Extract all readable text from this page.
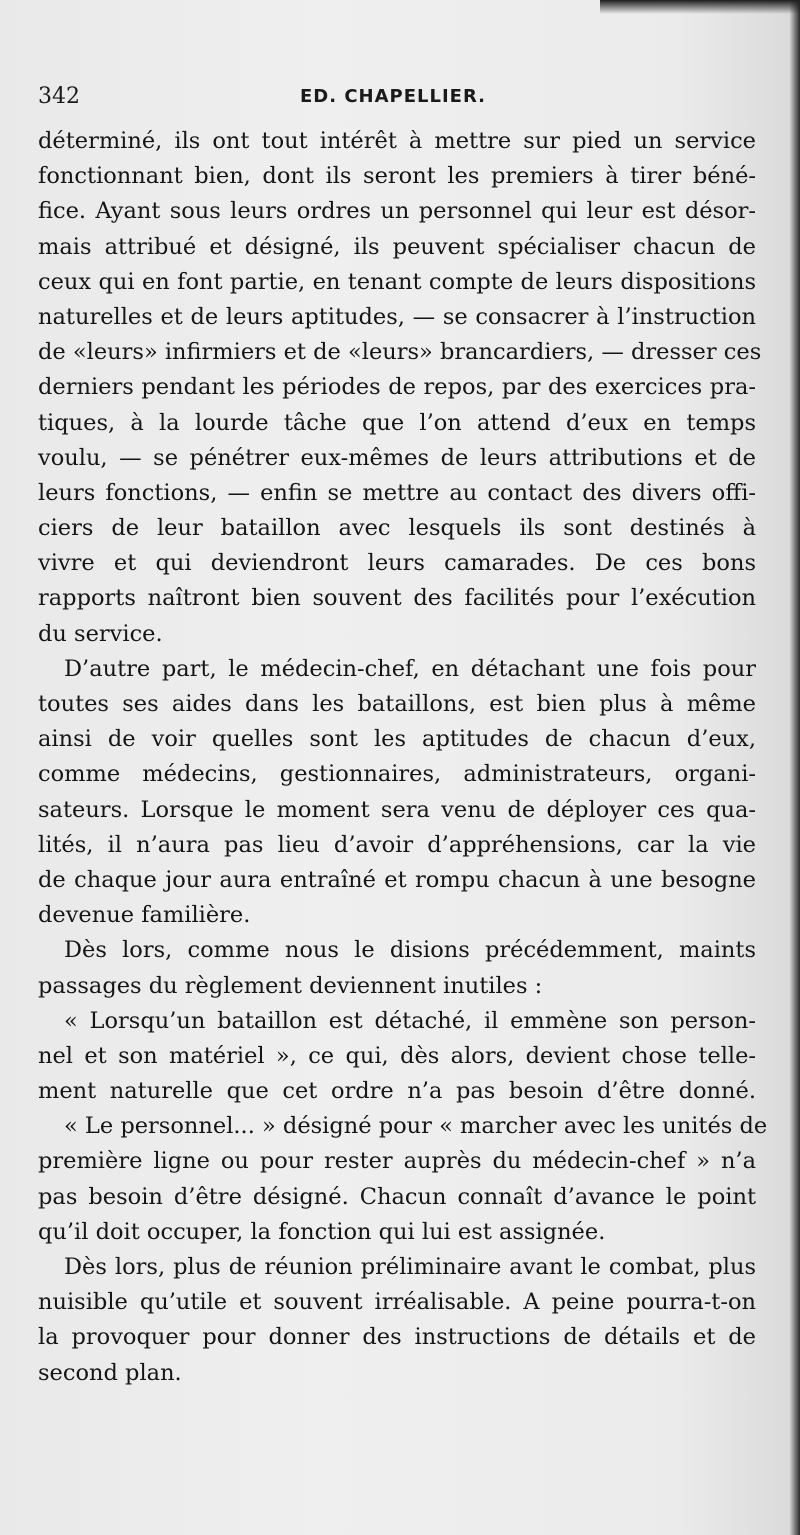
342	ED. CHAPELLIER.

déterminé, ils ont tout intérêt à mettre sur pied un service

fonctionnant bien, dont ils seront les premiers à tirer béné-

fice. Ayant sous leurs ordres un personnel qui leur est désor-

mais attribué et désigné, ils peuvent spécialiser chacun de

ceux qui en font partie, en tenant compte de leurs dispositions

naturelles et de leurs aptitudes, — se consacrer à l’instruction

de «leurs» infirmiers et de «leurs» brancardiers, — dresser ces

derniers pendant les périodes de repos, par des exercices pra-

tiques, à la lourde tâche que l’on attend d’eux en temps

voulu, — se pénétrer eux-mêmes de leurs attributions et de

leurs fonctions, — enfin se mettre au contact des divers offi-

ciers de leur bataillon avec lesquels ils sont destinés à

vivre et qui deviendront leurs camarades. De ces bons

rapports naîtront bien souvent des facilités pour l’exécution

du service.

D’autre part, le médecin-chef, en détachant une fois pour

toutes ses aides dans les bataillons, est bien plus à même

ainsi de voir quelles sont les aptitudes de chacun d’eux,

comme médecins, gestionnaires, administrateurs, organi-

sateurs. Lorsque le moment sera venu de déployer ces qua-

lités, il n’aura pas lieu d’avoir d’appréhensions, car la vie

de chaque jour aura entraîné et rompu chacun à une besogne

devenue familière.

Dès lors, comme nous le disions précédemment, maints

passages du règlement deviennent inutiles :

« Lorsqu’un bataillon est détaché, il emmène son person-

nel et son matériel », ce qui, dès alors, devient chose telle-

ment naturelle que cet ordre n’a pas besoin d’être donné.

« Le personnel... » désigné pour « marcher avec les unités de

première ligne ou pour rester auprès du médecin-chef » n’a

pas besoin d’être désigné. Chacun connaît d’avance le point

qu’il doit occuper, la fonction qui lui est assignée.

Dès lors, plus de réunion préliminaire avant le combat, plus

nuisible qu’utile et souvent irréalisable. A peine pourra-t-on

la provoquer pour donner des instructions de détails et de

second plan.
